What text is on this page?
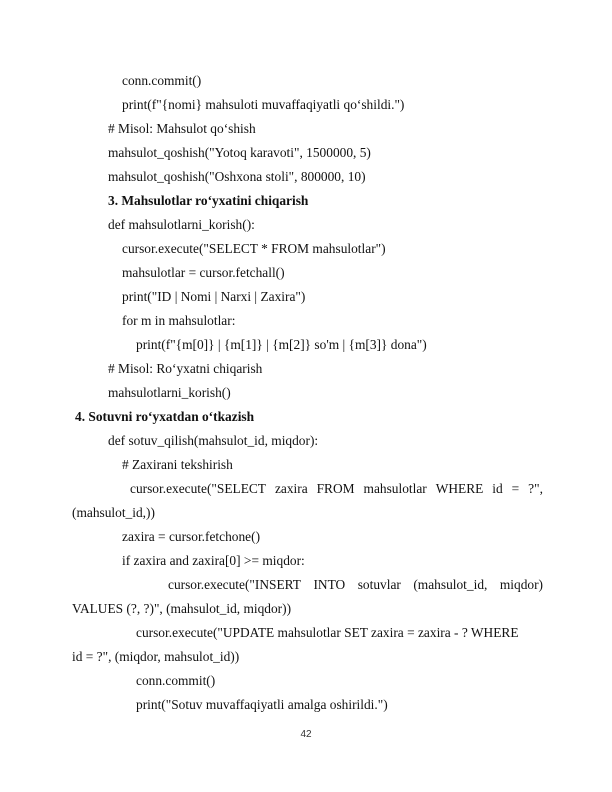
conn.commit()
print(f"{nomi} mahsuloti muvaffaqiyatli qo‘shildi.")
# Misol: Mahsulot qo‘shish
mahsulot_qoshish("Yotoq karavoti", 1500000, 5)
mahsulot_qoshish("Oshxona stoli", 800000, 10)
3. Mahsulotlar ro‘yxatini chiqarish
def mahsulotlarni_korish():
cursor.execute("SELECT * FROM mahsulotlar")
mahsulotlar = cursor.fetchall()
print("ID | Nomi | Narxi | Zaxira")
for m in mahsulotlar:
print(f"{m[0]} | {m[1]} | {m[2]} so'm | {m[3]} dona")
# Misol: Ro‘yxatni chiqarish
mahsulotlarni_korish()
4. Sotuvni ro‘yxatdan o‘tkazish
def sotuv_qilish(mahsulot_id, miqdor):
# Zaxirani tekshirish
cursor.execute("SELECT zaxira FROM mahsulotlar WHERE id = ?",
(mahsulot_id,))
zaxira = cursor.fetchone()
if zaxira and zaxira[0] >= miqdor:
cursor.execute("INSERT INTO sotuvlar (mahsulot_id, miqdor)
VALUES (?, ?)", (mahsulot_id, miqdor))
cursor.execute("UPDATE mahsulotlar SET zaxira = zaxira - ? WHERE
id = ?", (miqdor, mahsulot_id))
conn.commit()
print("Sotuv muvaffaqiyatli amalga oshirildi.")
42
